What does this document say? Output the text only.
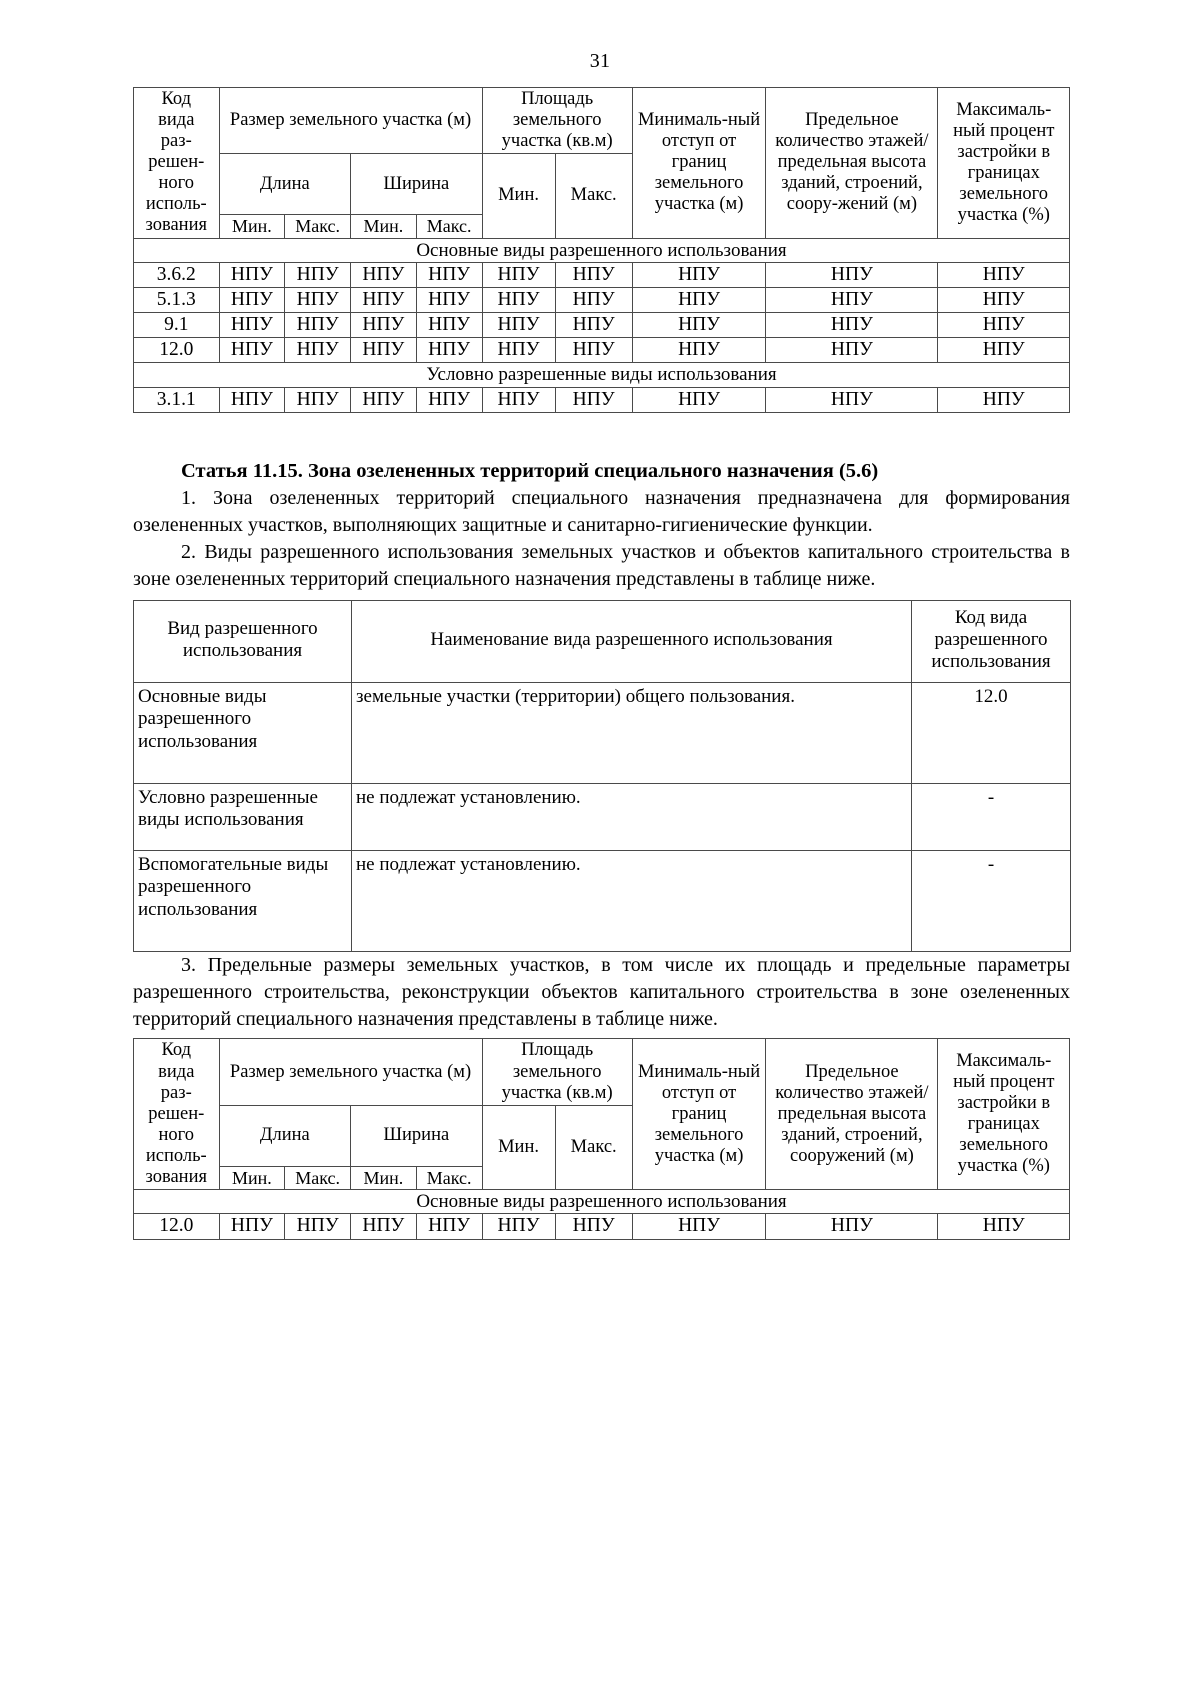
31
Код
вида
раз-
решен-
ного
исполь-
зования	Размер земельного участка (м)	Площадь земельного участка (кв.м)	Минималь-ный отступ от границ земельного участка (м)	Предельное количество этажей/ предельная высота зданий, строений, соору-жений (м)	Максималь-ный процент застройки в границах земельного участка (%)
	Длина		Ширина		Мин.	Макс.			
	Мин.	Макс.	Мин.	Макс.					
Основные виды разрешенного использования									
3.6.2	НПУ	НПУ	НПУ	НПУ	НПУ	НПУ	НПУ	НПУ	НПУ
5.1.3	НПУ	НПУ	НПУ	НПУ	НПУ	НПУ	НПУ	НПУ	НПУ
9.1	НПУ	НПУ	НПУ	НПУ	НПУ	НПУ	НПУ	НПУ	НПУ
12.0	НПУ	НПУ	НПУ	НПУ	НПУ	НПУ	НПУ	НПУ	НПУ
Условно разрешенные виды использования									
3.1.1	НПУ	НПУ	НПУ	НПУ	НПУ	НПУ	НПУ	НПУ	НПУ
Статья 11.15. Зона озелененных территорий специального назначения (5.6)

1. Зона озелененных территорий специального назначения предназначена для формирования озелененных участков, выполняющих защитные и санитарно-гигиенические функции.

2. Виды разрешенного использования земельных участков и объектов капитального строительства в зоне озелененных территорий специального назначения представлены в таблице ниже.

Вид разрешенного использования	Наименование вида разрешенного использования	Код вида разрешенного использования
Основные виды разрешенного использования	земельные участки (территории) общего пользования.	12.0
Условно разрешенные виды использования	не подлежат установлению.	-
Вспомогательные виды разрешенного использования	не подлежат установлению.	-

3. Предельные размеры земельных участков, в том числе их площадь и предельные параметры разрешенного строительства, реконструкции объектов капитального строительства в зоне озелененных территорий специального назначения представлены в таблице ниже.

Код
вида
раз-
решен-
ного
исполь-
зования	Размер земельного участка (м)	Площадь земельного участка (кв.м)	Минималь-ный отступ от границ земельного участка (м)	Предельное количество этажей/ предельная высота зданий, строений, сооружений (м)	Максималь-ный процент застройки в границах земельного участка (%)
	Длина		Ширина		Мин.	Макс.			
	Мин.	Макс.	Мин.	Макс.					
Основные виды разрешенного использования									
12.0	НПУ	НПУ	НПУ	НПУ	НПУ	НПУ	НПУ	НПУ	НПУ
